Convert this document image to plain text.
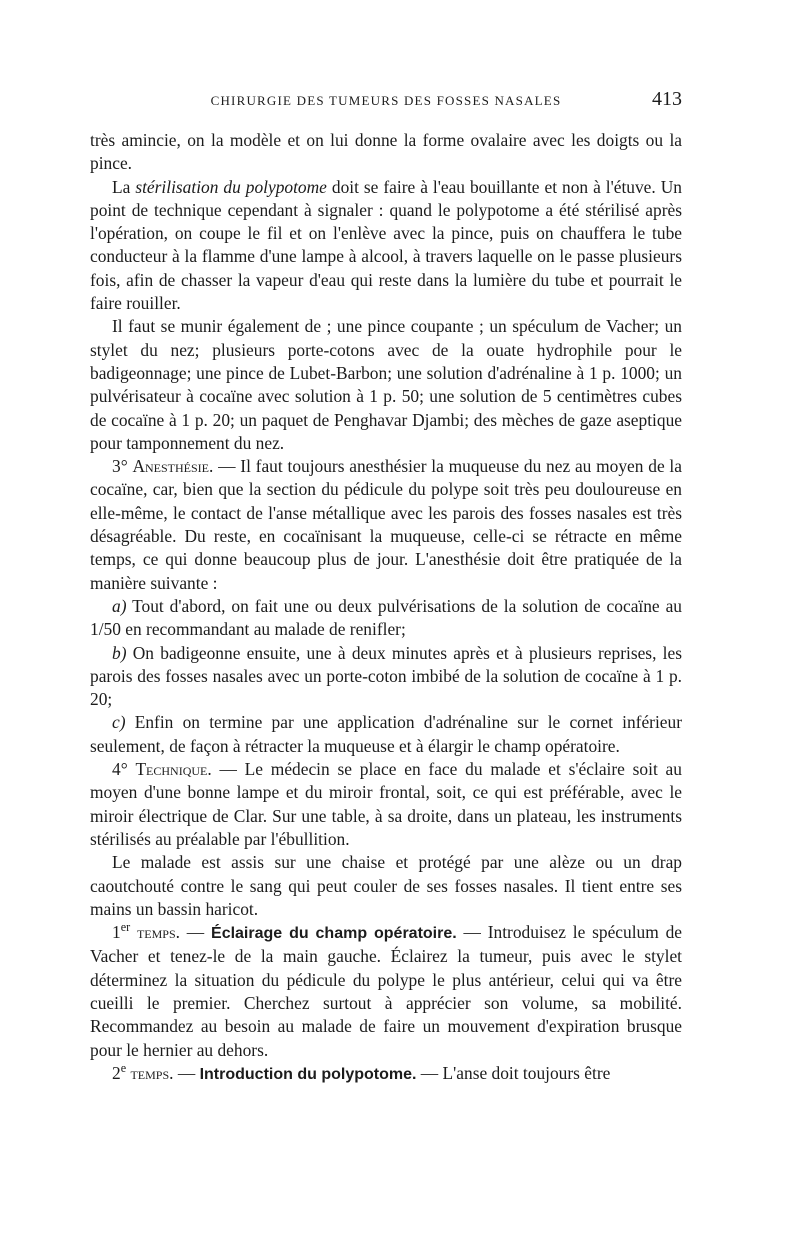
CHIRURGIE DES TUMEURS DES FOSSES NASALES	413

très amincie, on la modèle et on lui donne la forme ovalaire avec les doigts ou la pince.

La stérilisation du polypotome doit se faire à l'eau bouillante et non à l'étuve. Un point de technique cependant à signaler : quand le polypotome a été stérilisé après l'opération, on coupe le fil et on l'enlève avec la pince, puis on chauffera le tube conducteur à la flamme d'une lampe à alcool, à travers laquelle on le passe plusieurs fois, afin de chasser la vapeur d'eau qui reste dans la lumière du tube et pourrait le faire rouiller.

Il faut se munir également de ; une pince coupante ; un spéculum de Vacher; un stylet du nez; plusieurs porte-cotons avec de la ouate hydrophile pour le badigeonnage; une pince de Lubet-Barbon; une solution d'adrénaline à 1 p. 1000; un pulvérisateur à cocaïne avec solution à 1 p. 50; une solution de 5 centimètres cubes de cocaïne à 1 p. 20; un paquet de Penghavar Djambi; des mèches de gaze aseptique pour tamponnement du nez.

3° Anesthésie. — Il faut toujours anesthésier la muqueuse du nez au moyen de la cocaïne, car, bien que la section du pédicule du polype soit très peu douloureuse en elle-même, le contact de l'anse métallique avec les parois des fosses nasales est très désagréable. Du reste, en cocaïnisant la muqueuse, celle-ci se rétracte en même temps, ce qui donne beaucoup plus de jour. L'anesthésie doit être pratiquée de la manière suivante :

a) Tout d'abord, on fait une ou deux pulvérisations de la solution de cocaïne au 1/50 en recommandant au malade de renifler;

b) On badigeonne ensuite, une à deux minutes après et à plusieurs reprises, les parois des fosses nasales avec un porte-coton imbibé de la solution de cocaïne à 1 p. 20;

c) Enfin on termine par une application d'adrénaline sur le cornet inférieur seulement, de façon à rétracter la muqueuse et à élargir le champ opératoire.

4° Technique. — Le médecin se place en face du malade et s'éclaire soit au moyen d'une bonne lampe et du miroir frontal, soit, ce qui est préférable, avec le miroir électrique de Clar. Sur une table, à sa droite, dans un plateau, les instruments stérilisés au préalable par l'ébullition.

Le malade est assis sur une chaise et protégé par une alèze ou un drap caoutchouté contre le sang qui peut couler de ses fosses nasales. Il tient entre ses mains un bassin haricot.

1er temps. — Éclairage du champ opératoire. — Introduisez le spéculum de Vacher et tenez-le de la main gauche. Éclairez la tumeur, puis avec le stylet déterminez la situation du pédicule du polype le plus antérieur, celui qui va être cueilli le premier. Cherchez surtout à apprécier son volume, sa mobilité. Recommandez au besoin au malade de faire un mouvement d'expiration brusque pour le hernier au dehors.

2e temps. — Introduction du polypotome. — L'anse doit toujours être
